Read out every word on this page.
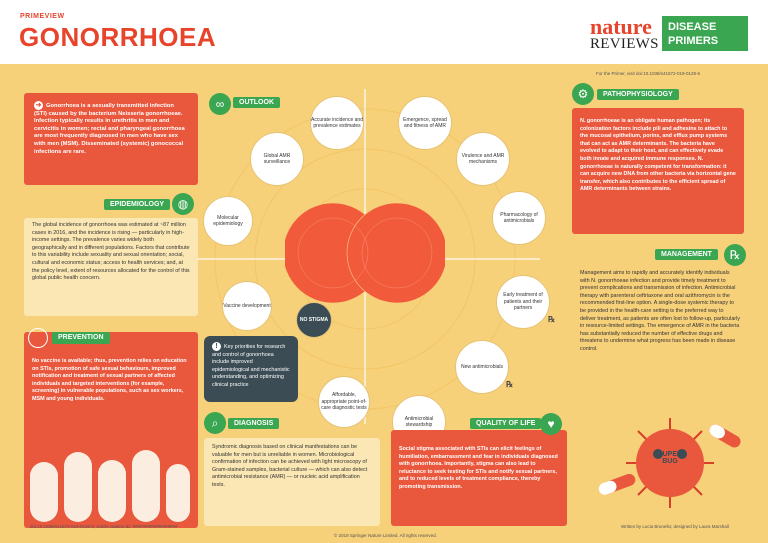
PRIMEVIEW
GONORRHOEA	nature
REVIEWS
DISEASE
PRIMERS
For the Primer, visit doi:10.1038/s41572-019-0128-6
➜ Gonorrhoea is a sexually transmitted infection (STI) caused by the bacterium Neisseria gonorrhoeae. Infection typically results in urethritis in men and cervicitis in women; rectal and pharyngeal gonorrhoea are most frequently diagnosed in men who have sex with men (MSM). Disseminated (systemic) gonococcal infections are rare.
EPIDEMIOLOGY	◍
The global incidence of gonorrhoea was estimated at ~87 million cases in 2016, and the incidence is rising — particularly in high-income settings. The prevalence varies widely both geographically and in different populations. Factors that contribute to this variability include sexuality and sexual orientation; social, cultural and economic status; access to health services; and, at the policy level, extent of resources allocated for the control of this global public health concern.
PREVENTION
No vaccine is available; thus, prevention relies on education on STIs, promotion of safe sexual behaviours, improved notification and treatment of sexual partners of affected individuals and targeted interventions (for example, screening) in vulnerable populations, such as sex workers, MSM and young individuals.
∞	OUTLOOK
Accurate incidence and prevalence estimates
Emergence, spread and fitness of AMR
Virulence and AMR mechanisms
Pharmacology of antimicrobials
Early treatment of patients and their partners
℞
New antimicrobials
℞
Antimicrobial stewardship
Affordable, appropriate point-of-care diagnostic tests
Vaccine development
Molecular epidemiology
Global AMR surveillance
NO STIGMA
! Key priorities for research and control of gonorrhoea include improved epidemiological and mechanistic understanding, and optimizing clinical practice
⌕	DIAGNOSIS
Syndromic diagnosis based on clinical manifestations can be valuable for men but is unreliable in women. Microbiological confirmation of infection can be achieved with light microscopy of Gram-stained samples, bacterial culture — which can also detect antimicrobial resistance (AMR) — or nucleic acid amplification tests.
Social stigma associated with STIs can elicit feelings of humiliation, embarrassment and fear in individuals diagnosed with gonorrhoea. Importantly, stigma can also lead to reluctance to seek testing for STIs and notify sexual partners, and to reduced levels of treatment compliance, thereby promoting transmission.
QUALITY OF LIFE	♥
⚙	PATHOPHYSIOLOGY
N. gonorrhoeae is an obligate human pathogen; its colonization factors include pili and adhesins to attach to the mucosal epithelium, porins, and efflux pump systems that can act as AMR determinants. The bacteria have evolved to adapt to their host, and can effectively evade both innate and acquired immune responses. N. gonorrhoeae is naturally competent for transformation: it can acquire new DNA from other bacteria via horizontal gene transfer, which also contributes to the efficient spread of AMR determinants between strains.
MANAGEMENT	℞
Management aims to rapidly and accurately identify individuals with N. gonorrhoeae infection and provide timely treatment to prevent complications and transmission of infection. Antimicrobial therapy with parenteral ceftriaxone and oral azithromycin is the recommended first-line option. A single-dose systemic therapy to be provided in the health-care setting is the preferred way to deliver treatment, as patients are often lost to follow-up, particularly in resource-limited settings. The emergence of AMR in the bacteria has substantially reduced the number of effective drugs and threatens to undermine what progress has been made in disease control.
SUPER BUG
doi:10.1038/s41572-019-0136-6; Article citation ID: ##################
© 2019 Springer Nature Limited. All rights reserved.
Written by Lucia Brunello; designed by Laura Marshall
